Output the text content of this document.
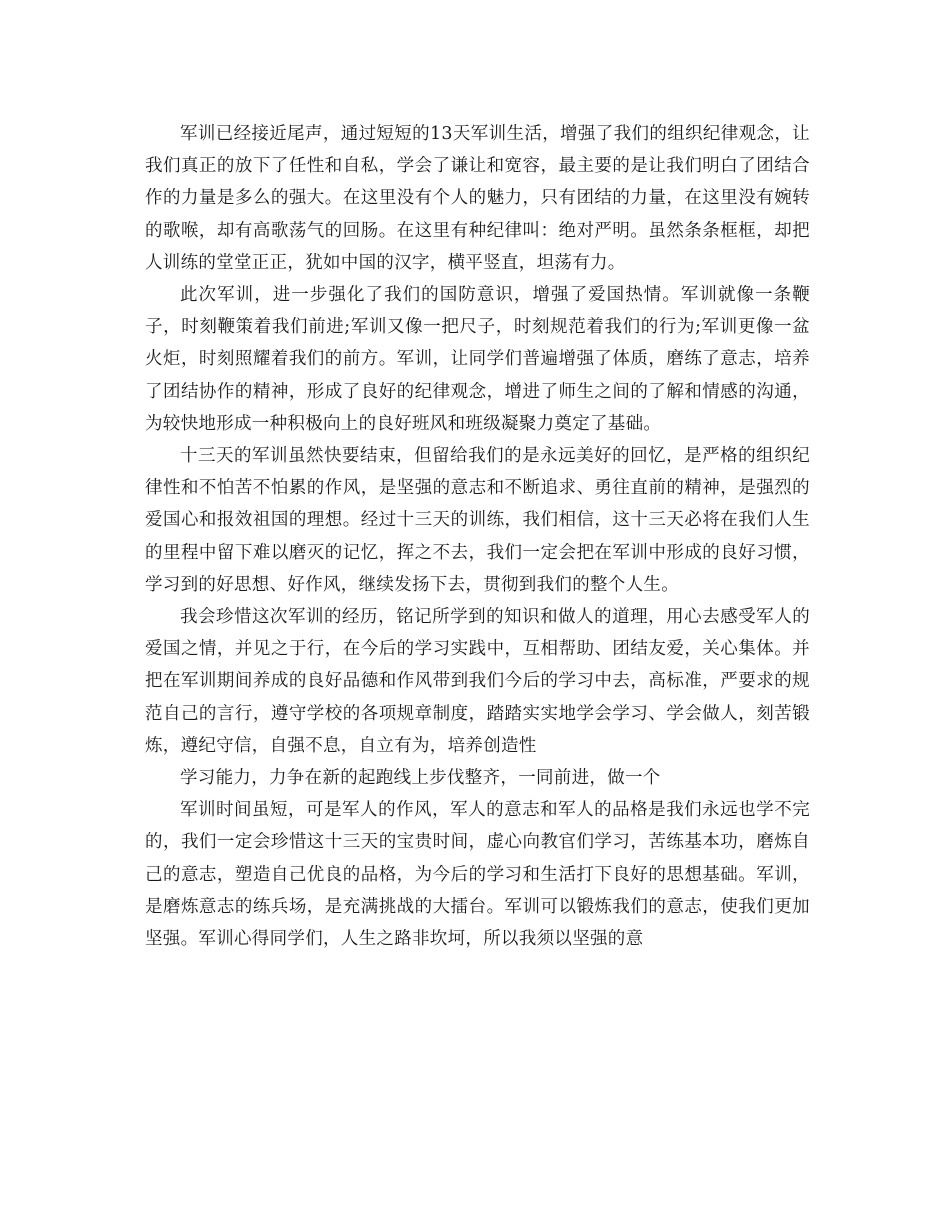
军训已经接近尾声，通过短短的13天军训生活，增强了我们的组织纪律观念，让我们真正的放下了任性和自私，学会了谦让和宽容，最主要的是让我们明白了团结合作的力量是多么的强大。在这里没有个人的魅力，只有团结的力量，在这里没有婉转的歌喉，却有高歌荡气的回肠。在这里有种纪律叫：绝对严明。虽然条条框框，却把人训练的堂堂正正，犹如中国的汉字，横平竖直，坦荡有力。

此次军训，进一步强化了我们的国防意识，增强了爱国热情。军训就像一条鞭子，时刻鞭策着我们前进;军训又像一把尺子，时刻规范着我们的行为;军训更像一盆火炬，时刻照耀着我们的前方。军训，让同学们普遍增强了体质，磨练了意志，培养了团结协作的精神，形成了良好的纪律观念，增进了师生之间的了解和情感的沟通，为较快地形成一种积极向上的良好班风和班级凝聚力奠定了基础。

十三天的军训虽然快要结束，但留给我们的是永远美好的回忆，是严格的组织纪律性和不怕苦不怕累的作风，是坚强的意志和不断追求、勇往直前的精神，是强烈的爱国心和报效祖国的理想。经过十三天的训练，我们相信，这十三天必将在我们人生的里程中留下难以磨灭的记忆，挥之不去，我们一定会把在军训中形成的良好习惯，学习到的好思想、好作风，继续发扬下去，贯彻到我们的整个人生。

我会珍惜这次军训的经历，铭记所学到的知识和做人的道理，用心去感受军人的爱国之情，并见之于行，在今后的学习实践中，互相帮助、团结友爱，关心集体。并把在军训期间养成的良好品德和作风带到我们今后的学习中去，高标准，严要求的规范自己的言行，遵守学校的各项规章制度，踏踏实实地学会学习、学会做人，刻苦锻炼，遵纪守信，自强不息，自立有为，培养创造性

学习能力，力争在新的起跑线上步伐整齐，一同前进，做一个

军训时间虽短，可是军人的作风，军人的意志和军人的品格是我们永远也学不完的，我们一定会珍惜这十三天的宝贵时间，虚心向教官们学习，苦练基本功，磨炼自己的意志，塑造自己优良的品格，为今后的学习和生活打下良好的思想基础。军训，是磨炼意志的练兵场，是充满挑战的大擂台。军训可以锻炼我们的意志，使我们更加坚强。军训心得同学们，人生之路非坎坷，所以我须以坚强的意
